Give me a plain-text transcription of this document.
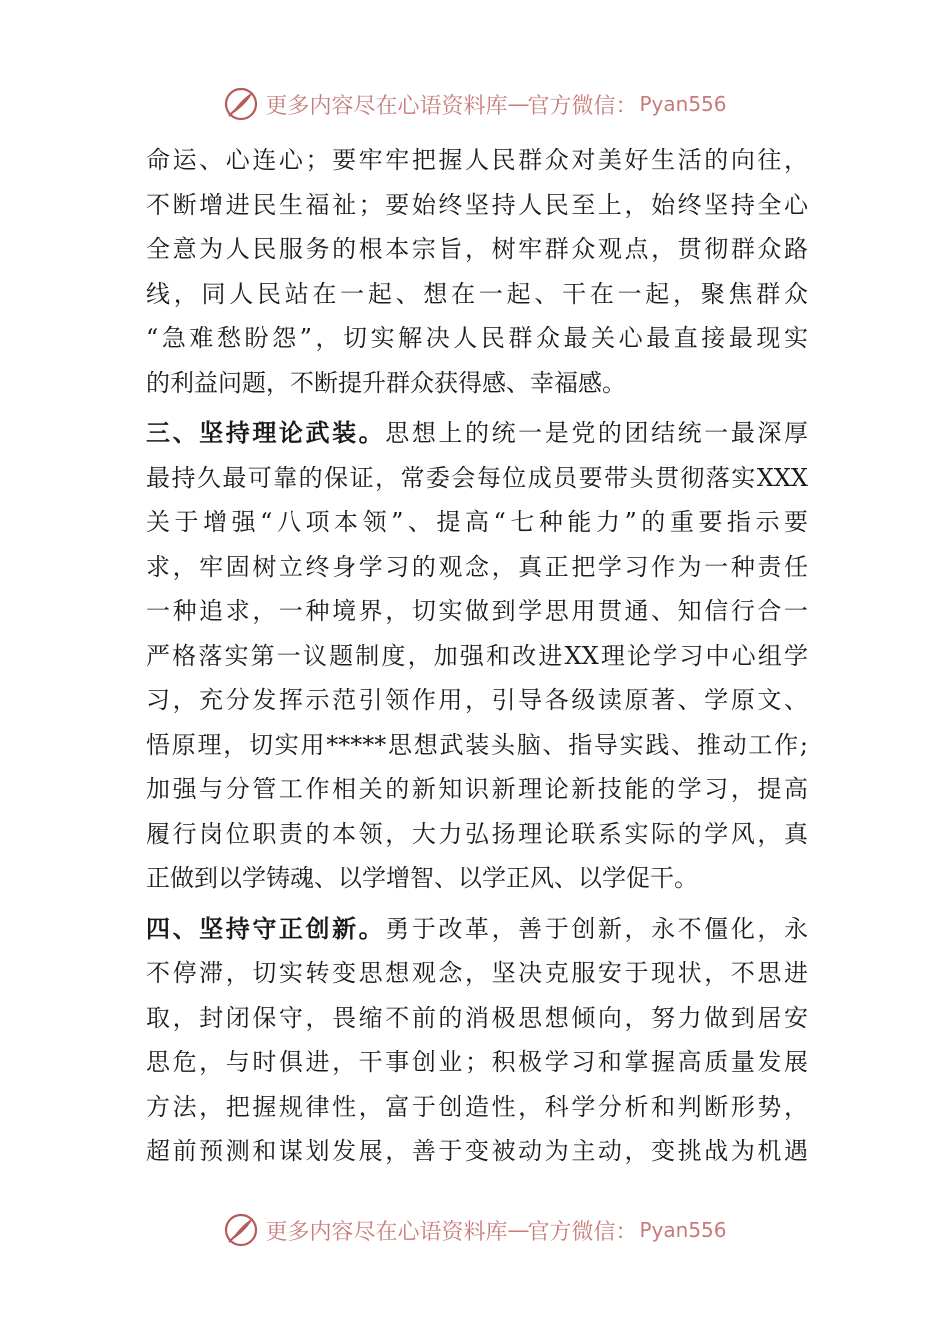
更多内容尽在心语资料库 — 官方微信： Pyan556
命运、心连心；要牢牢把握人民群众对美好生活的向往，
不断增进民生福祉；要始终坚持人民至上，始终坚持全心
全意为人民服务的根本宗旨，树牢群众观点，贯彻群众路
线，同人民站在一起、想在一起、干在一起，聚焦群众
“急难愁盼怨”，切实解决人民群众最关心最直接最现实
的利益问题，不断提升群众获得感、幸福感。
三、坚持理论武装。思想上的统一是党的团结统一最深厚
最持久最可靠的保证，常委会每位成员要带头贯彻落实XXX
关于增强“八项本领”、提高“七种能力”的重要指示要
求，牢固树立终身学习的观念，真正把学习作为一种责任
一种追求，一种境界，切实做到学思用贯通、知信行合一
严格落实第一议题制度，加强和改进XX理论学习中心组学
习，充分发挥示范引领作用，引导各级读原著、学原文、
悟原理，切实用*****思想武装头脑、指导实践、推动工作;
加强与分管工作相关的新知识新理论新技能的学习，提高
履行岗位职责的本领，大力弘扬理论联系实际的学风，真
正做到以学铸魂、以学增智、以学正风、以学促干。
四、坚持守正创新。勇于改革，善于创新，永不僵化，永
不停滞，切实转变思想观念，坚决克服安于现状，不思进
取，封闭保守，畏缩不前的消极思想倾向，努力做到居安
思危，与时俱进，干事创业；积极学习和掌握高质量发展
方法，把握规律性，富于创造性，科学分析和判断形势，
超前预测和谋划发展，善于变被动为主动，变挑战为机遇
更多内容尽在心语资料库 — 官方微信： Pyan556
